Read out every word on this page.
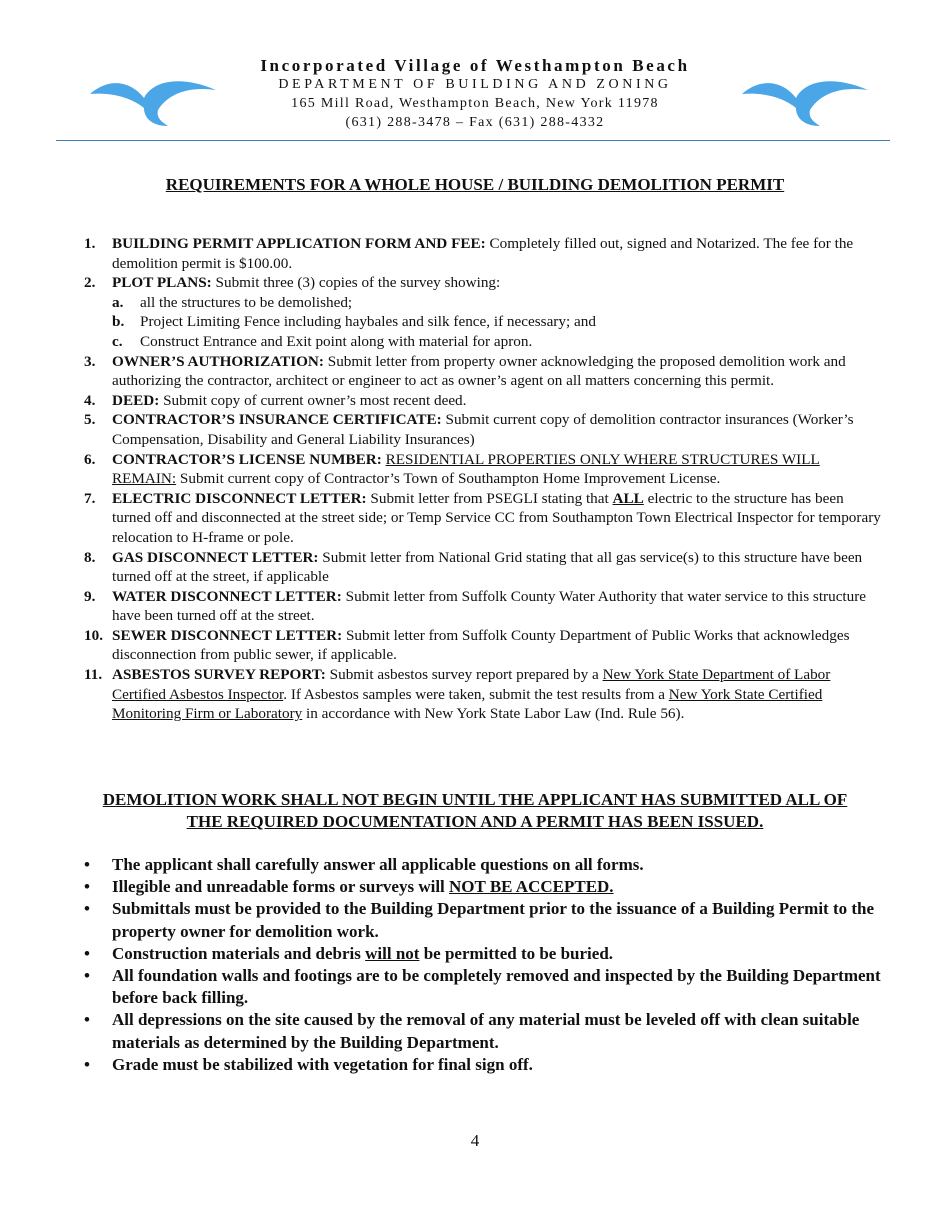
Incorporated Village of Westhampton Beach
DEPARTMENT OF BUILDING AND ZONING
165 Mill Road, Westhampton Beach, New York 11978
(631) 288-3478 – Fax (631) 288-4332
REQUIREMENTS FOR A WHOLE HOUSE / BUILDING DEMOLITION PERMIT
1. BUILDING PERMIT APPLICATION FORM AND FEE: Completely filled out, signed and Notarized. The fee for the demolition permit is $100.00.
2. PLOT PLANS: Submit three (3) copies of the survey showing:
a. all the structures to be demolished;
b. Project Limiting Fence including haybales and silk fence, if necessary; and
c. Construct Entrance and Exit point along with material for apron.
3. OWNER’S AUTHORIZATION: Submit letter from property owner acknowledging the proposed demolition work and authorizing the contractor, architect or engineer to act as owner’s agent on all matters concerning this permit.
4. DEED: Submit copy of current owner’s most recent deed.
5. CONTRACTOR’S INSURANCE CERTIFICATE: Submit current copy of demolition contractor insurances (Worker’s Compensation, Disability and General Liability Insurances)
6. CONTRACTOR’S LICENSE NUMBER: RESIDENTIAL PROPERTIES ONLY WHERE STRUCTURES WILL REMAIN: Submit current copy of Contractor’s Town of Southampton Home Improvement License.
7. ELECTRIC DISCONNECT LETTER: Submit letter from PSEGLI stating that ALL electric to the structure has been turned off and disconnected at the street side; or Temp Service CC from Southampton Town Electrical Inspector for temporary relocation to H-frame or pole.
8. GAS DISCONNECT LETTER: Submit letter from National Grid stating that all gas service(s) to this structure have been turned off at the street, if applicable
9. WATER DISCONNECT LETTER: Submit letter from Suffolk County Water Authority that water service to this structure have been turned off at the street.
10. SEWER DISCONNECT LETTER: Submit letter from Suffolk County Department of Public Works that acknowledges disconnection from public sewer, if applicable.
11. ASBESTOS SURVEY REPORT: Submit asbestos survey report prepared by a New York State Department of Labor Certified Asbestos Inspector. If Asbestos samples were taken, submit the test results from a New York State Certified Monitoring Firm or Laboratory in accordance with New York State Labor Law (Ind. Rule 56).
DEMOLITION WORK SHALL NOT BEGIN UNTIL THE APPLICANT HAS SUBMITTED ALL OF
THE REQUIRED DOCUMENTATION AND A PERMIT HAS BEEN ISSUED.
• The applicant shall carefully answer all applicable questions on all forms.
• Illegible and unreadable forms or surveys will NOT BE ACCEPTED.
• Submittals must be provided to the Building Department prior to the issuance of a Building Permit to the property owner for demolition work.
• Construction materials and debris will not be permitted to be buried.
• All foundation walls and footings are to be completely removed and inspected by the Building Department before back filling.
• All depressions on the site caused by the removal of any material must be leveled off with clean suitable materials as determined by the Building Department.
• Grade must be stabilized with vegetation for final sign off.
4
